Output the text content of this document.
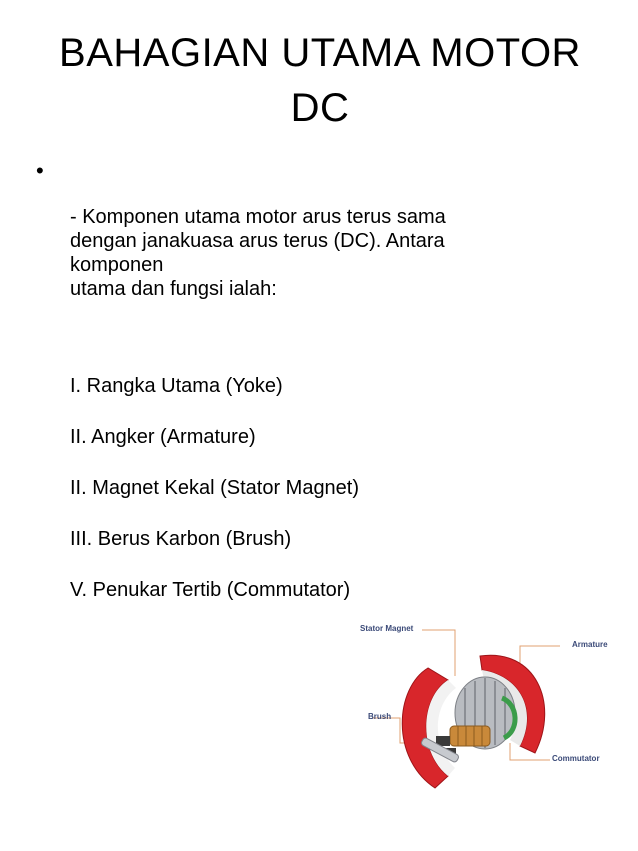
BAHAGIAN UTAMA MOTOR
DC
•
- Komponen utama motor arus terus sama
dengan janakuasa arus terus (DC). Antara
komponen
utama dan fungsi ialah:
I. Rangka Utama (Yoke)
II. Angker (Armature)
II. Magnet Kekal (Stator Magnet)
III. Berus Karbon (Brush)
V. Penukar Tertib (Commutator)
Stator Magnet
Armature
Brush
Commutator
